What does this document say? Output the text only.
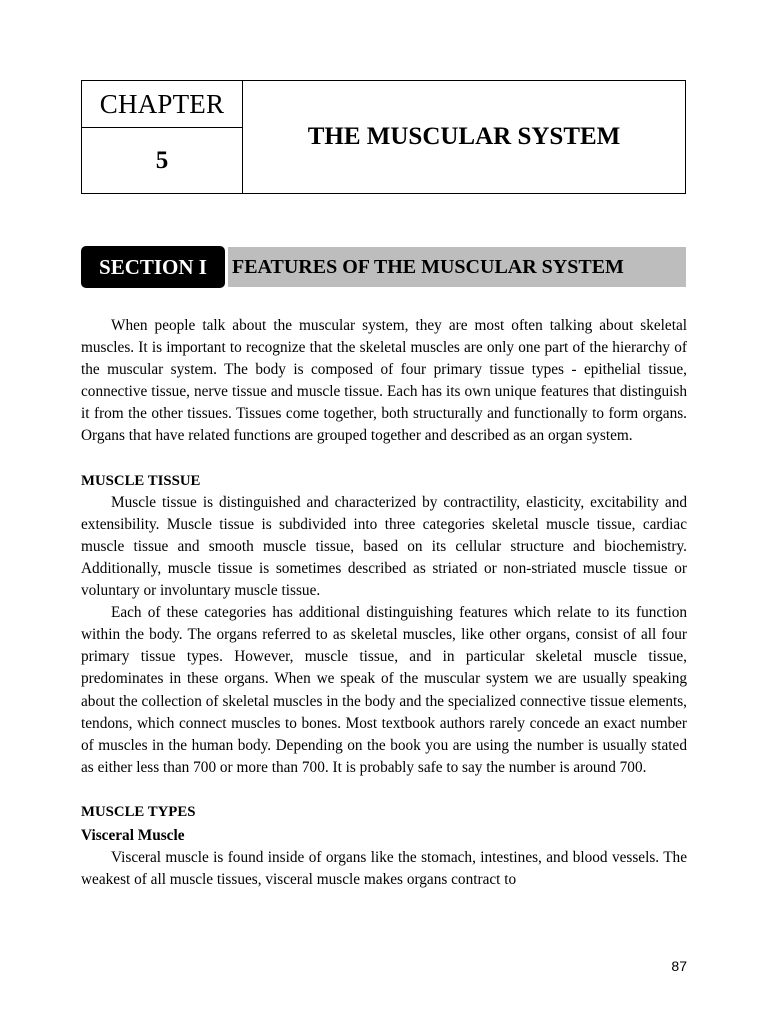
CHAPTER
5
THE MUSCULAR SYSTEM
SECTION I	FEATURES OF THE MUSCULAR SYSTEM

When people talk about the muscular system, they are most often talking about skeletal muscles. It is important to recognize that the skeletal muscles are only one part of the hierarchy of the muscular system. The body is composed of four primary tissue types - epithelial tissue, connective tissue, nerve tissue and muscle tissue. Each has its own unique features that distinguish it from the other tissues. Tissues come together, both structurally and functionally to form organs. Organs that have related functions are grouped together and described as an organ system.

MUSCLE TISSUE

Muscle tissue is distinguished and characterized by contractility, elasticity, excitability and extensibility. Muscle tissue is subdivided into three categories skeletal muscle tissue, cardiac muscle tissue and smooth muscle tissue, based on its cellular structure and biochemistry. Additionally, muscle tissue is sometimes described as striated or non-striated muscle tissue or voluntary or involuntary muscle tissue.

Each of these categories has additional distinguishing features which relate to its function within the body. The organs referred to as skeletal muscles, like other organs, consist of all four primary tissue types. However, muscle tissue, and in particular skeletal muscle tissue, predominates in these organs. When we speak of the muscular system we are usually speaking about the collection of skeletal muscles in the body and the specialized connective tissue elements, tendons, which connect muscles to bones. Most textbook authors rarely concede an exact number of muscles in the human body. Depending on the book you are using the number is usually stated as either less than 700 or more than 700. It is probably safe to say the number is around 700.

MUSCLE TYPES
Visceral Muscle

Visceral muscle is found inside of organs like the stomach, intestines, and blood vessels. The weakest of all muscle tissues, visceral muscle makes organs contract to

87
